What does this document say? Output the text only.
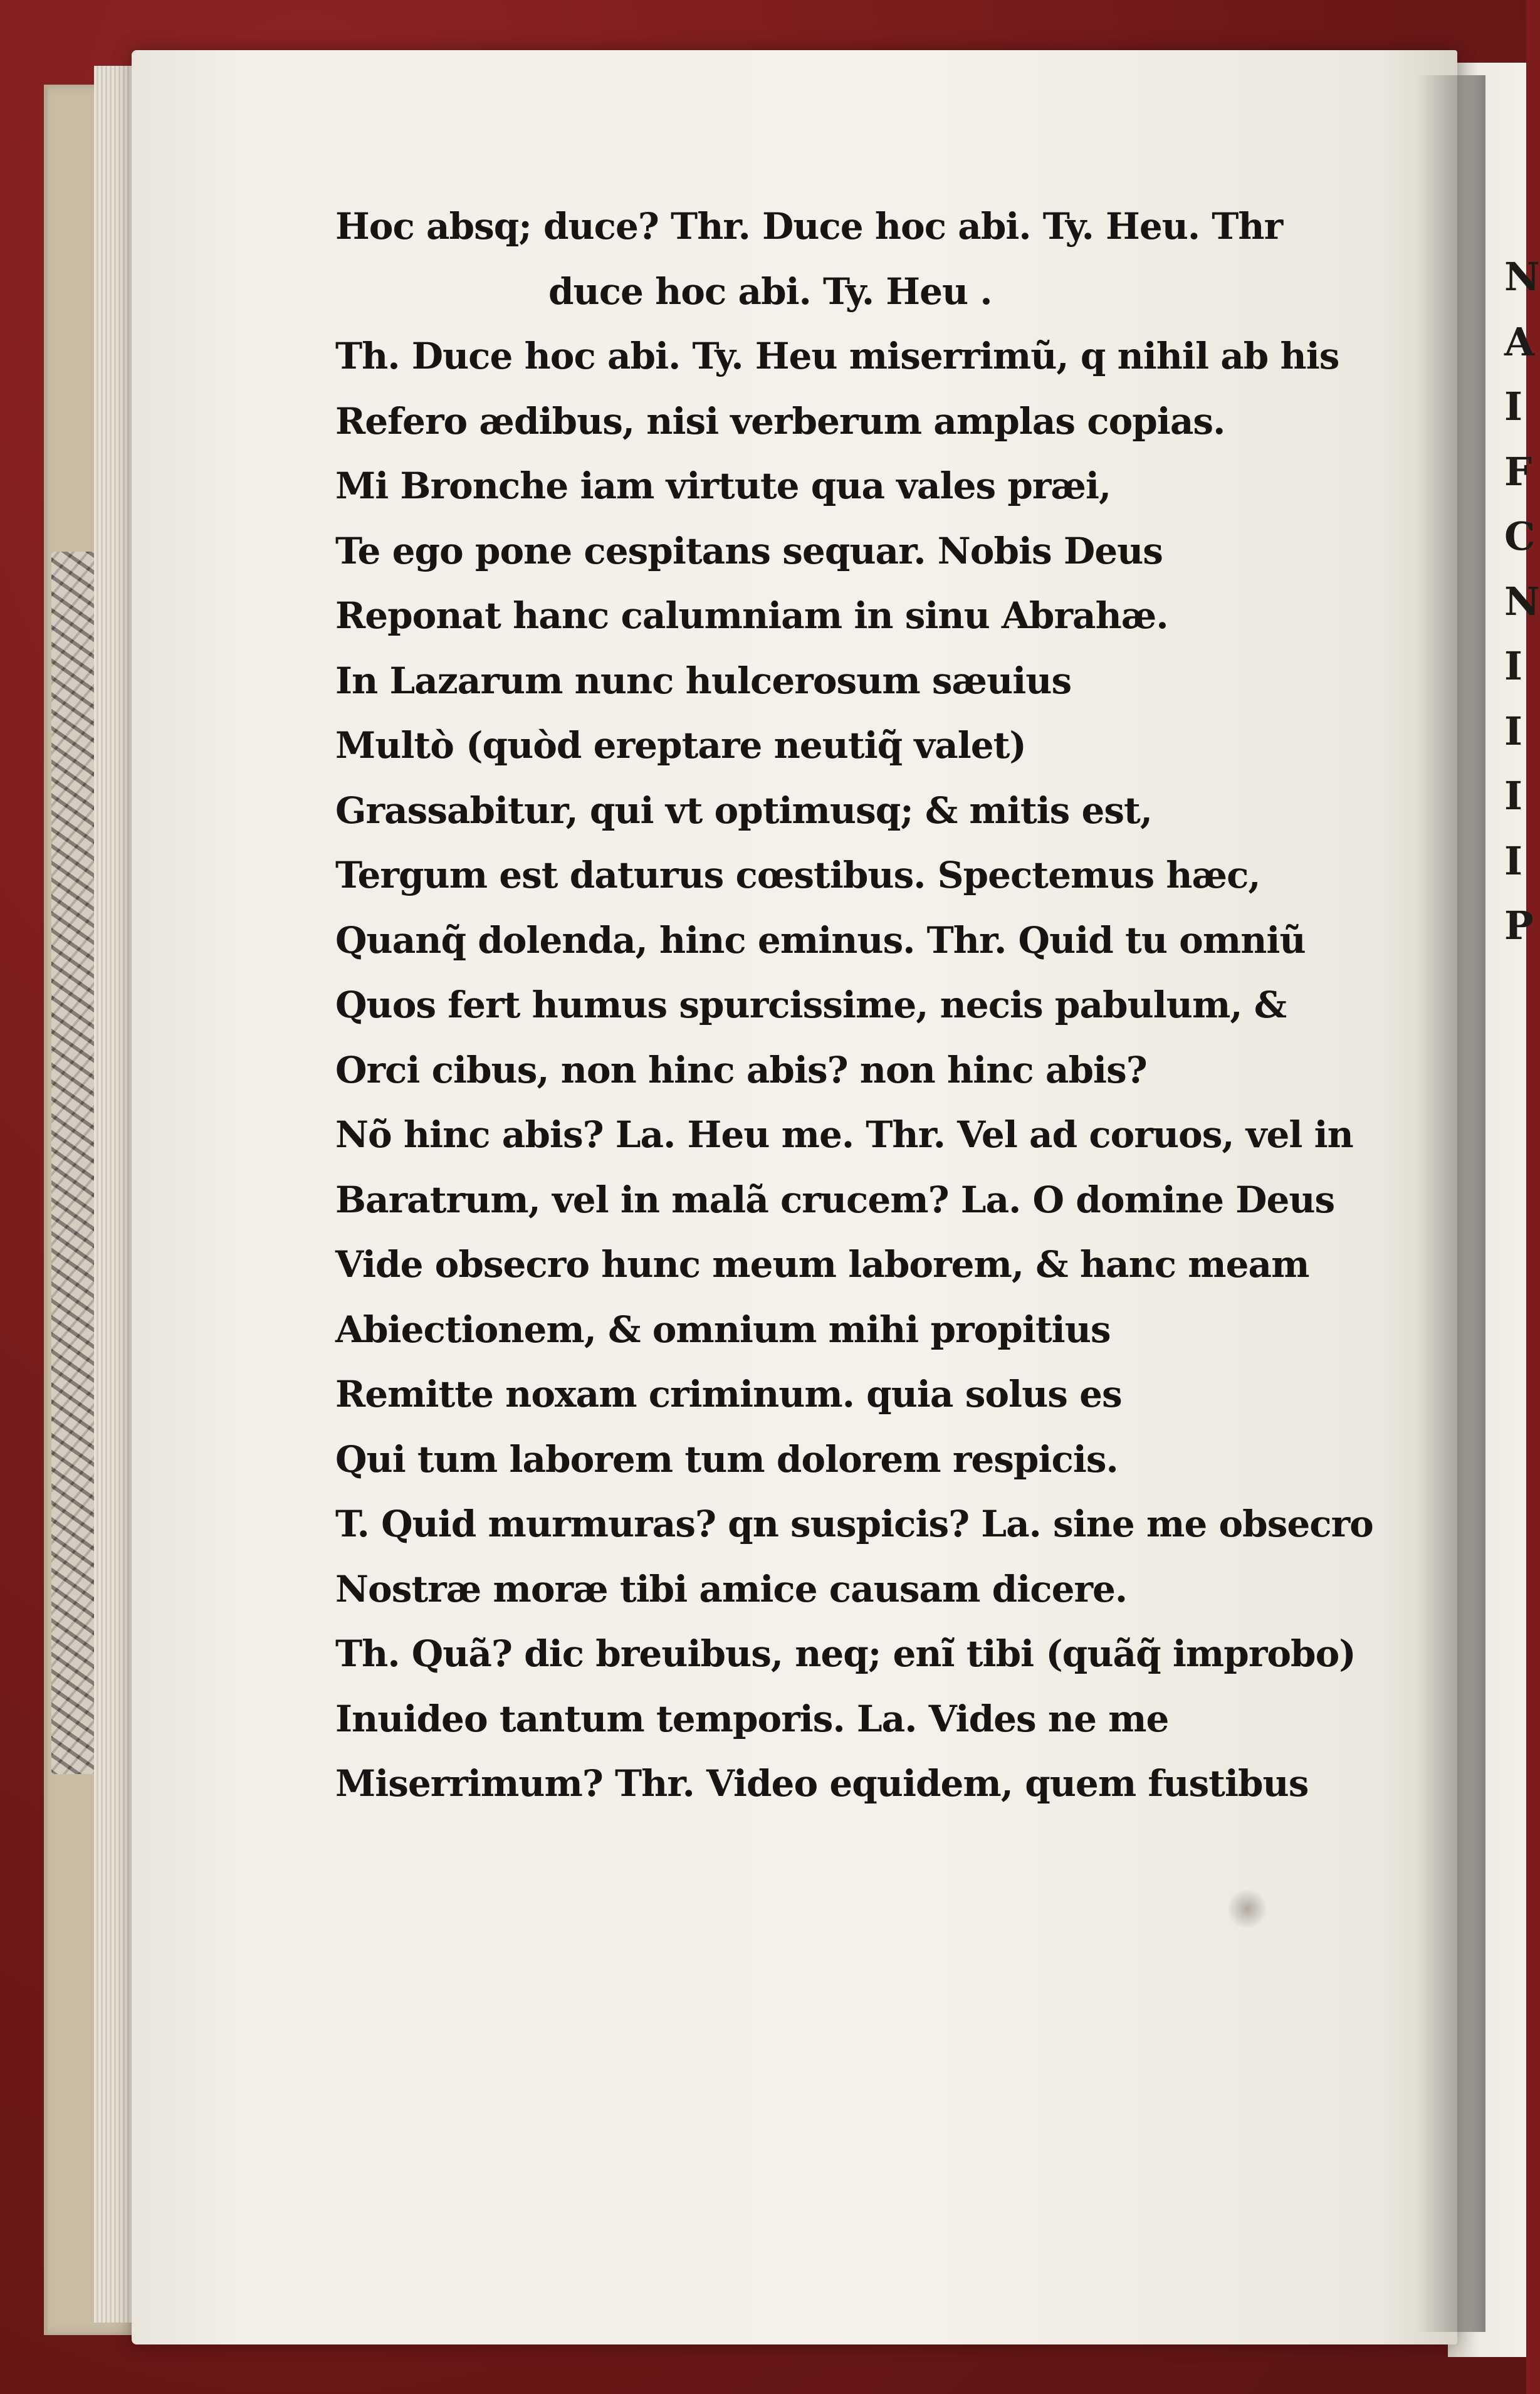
N
A
I
F
C
N
I
I
I
I
P
Hoc absq; duce? Thr. Duce hoc abi. Ty. Heu. Thr
duce hoc abi. Ty. Heu .
Th. Duce hoc abi. Ty. Heu miserrimũ, q nihil ab his
Refero ædibus, nisi verberum amplas copias.
Mi Bronche iam virtute qua vales præi,
Te ego pone cespitans sequar. Nobis Deus
Reponat hanc calumniam in sinu Abrahæ.
In Lazarum nunc hulcerosum sæuius
Multò (quòd ereptare neutiq̃ valet)
Grassabitur, qui vt optimusq; & mitis est,
Tergum est daturus cœstibus. Spectemus hæc,
Quanq̃ dolenda, hinc eminus. Thr. Quid tu omniũ
Quos fert humus spurcissime, necis pabulum, &
Orci cibus, non hinc abis? non hinc abis?
Nõ hinc abis? La. Heu me. Thr. Vel ad coruos, vel in
Baratrum, vel in malã crucem? La. O domine Deus
Vide obsecro hunc meum laborem, & hanc meam
Abiectionem, & omnium mihi propitius
Remitte noxam criminum. quia solus es
Qui tum laborem tum dolorem respicis.
T. Quid murmuras? qn suspicis? La. sine me obsecro
Nostræ moræ tibi amice causam dicere.
Th. Quã? dic breuibus, neq; enĩ tibi (quãq̃ improbo)
Inuideo tantum temporis. La. Vides ne me
Miserrimum? Thr. Video equidem, quem fustibus
